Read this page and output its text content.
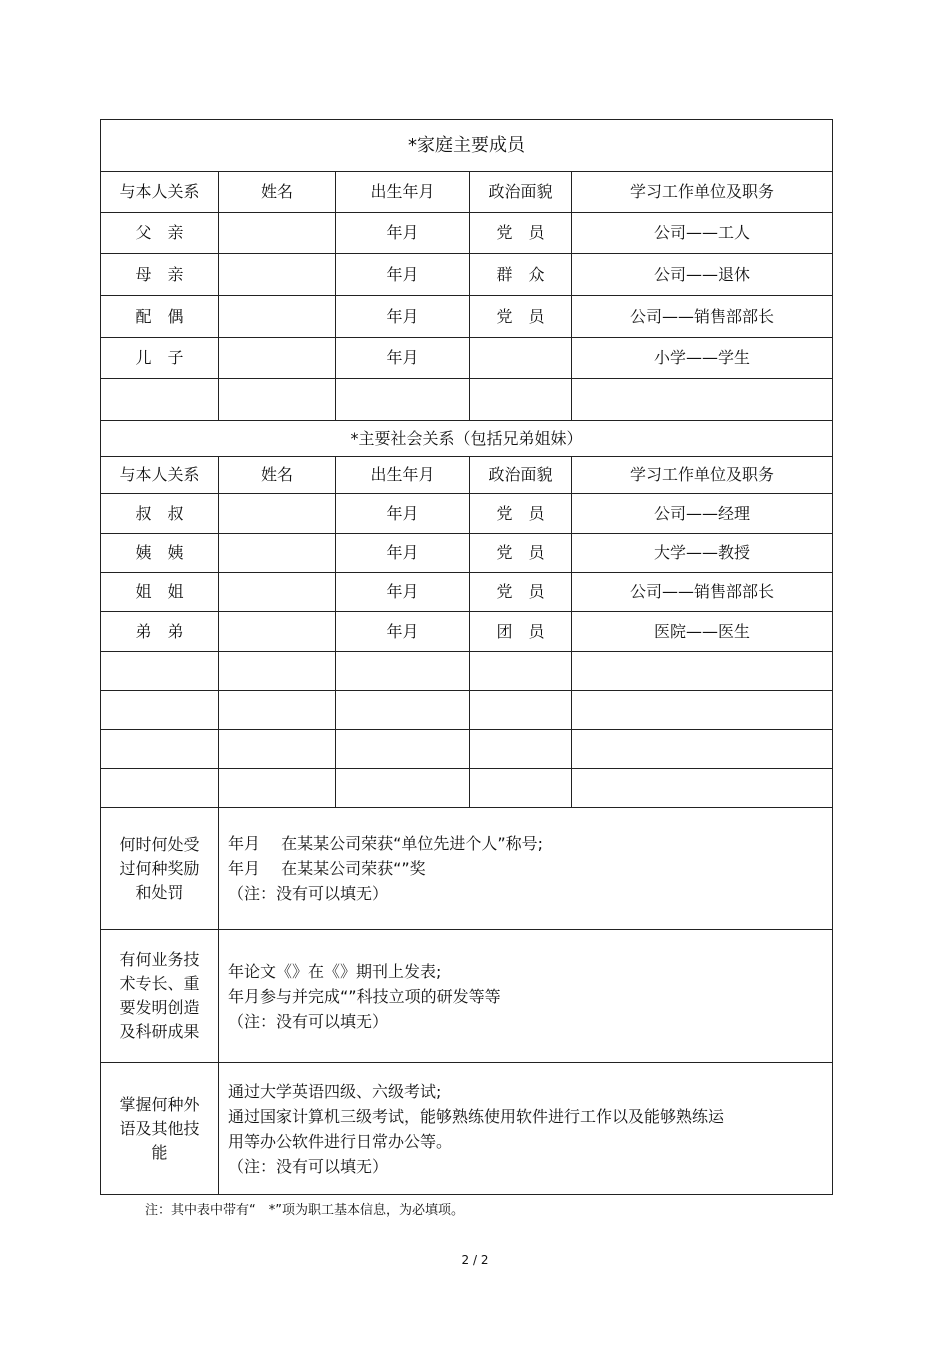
*家庭主要成员				
与本人关系	姓名	出生年月	政治面貌	学习工作单位及职务
父　亲		年月	党　员	公司——工人
母　亲		年月	群　众	公司——退休
配　偶		年月	党　员	公司——销售部部长
儿　子		年月		小学——学生

*主要社会关系（包括兄弟姐妹）				
与本人关系	姓名	出生年月	政治面貌	学习工作单位及职务
叔　叔		年月	党　员	公司——经理
姨　姨		年月	党　员	大学——教授
姐　姐		年月	党　员	公司——销售部部长
弟　弟		年月	团　员	医院——医生

何时何处受
过何种奖励
和处罚	年月　 在某某公司荣获“单位先进个人”称号;
年月　 在某某公司荣获“”奖
（注：没有可以填无）			

有何业务技
术专长、重
要发明创造
及科研成果	年论文《》在《》期刊上发表;
年月参与并完成“”科技立项的研发等等
（注：没有可以填无）			

掌握何种外
语及其他技
能	通过大学英语四级、六级考试;
通过国家计算机三级考试，能够熟练使用软件进行工作以及能够熟练运
用等办公软件进行日常办公等。
（注：没有可以填无）			
注：其中表中带有“　*”项为职工基本信息，为必填项。
2 / 2
